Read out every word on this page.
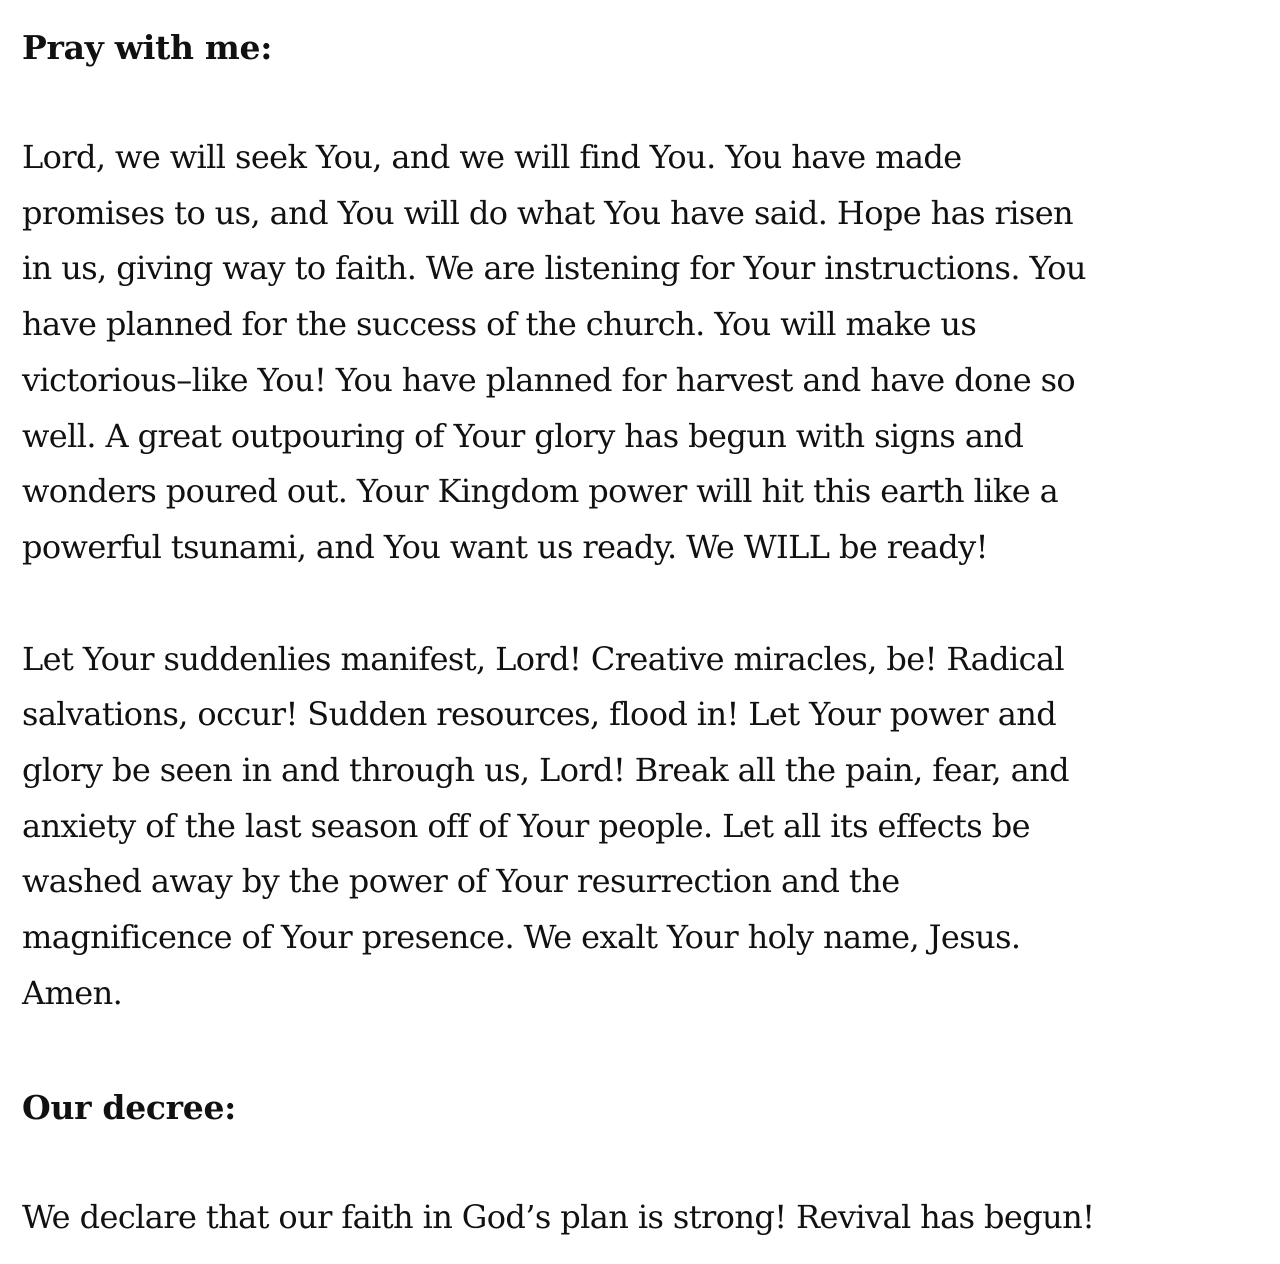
Pray with me:

Lord, we will seek You, and we will find You. You have made

promises to us, and You will do what You have said. Hope has risen

in us, giving way to faith. We are listening for Your instructions. You

have planned for the success of the church. You will make us

victorious–like You! You have planned for harvest and have done so

well. A great outpouring of Your glory has begun with signs and

wonders poured out. Your Kingdom power will hit this earth like a

powerful tsunami, and You want us ready. We WILL be ready!

Let Your suddenlies manifest, Lord! Creative miracles, be! Radical

salvations, occur! Sudden resources, flood in! Let Your power and

glory be seen in and through us, Lord! Break all the pain, fear, and

anxiety of the last season off of Your people. Let all its effects be

washed away by the power of Your resurrection and the

magnificence of Your presence. We exalt Your holy name, Jesus.

Amen.

Our decree:

We declare that our faith in God’s plan is strong! Revival has begun!
